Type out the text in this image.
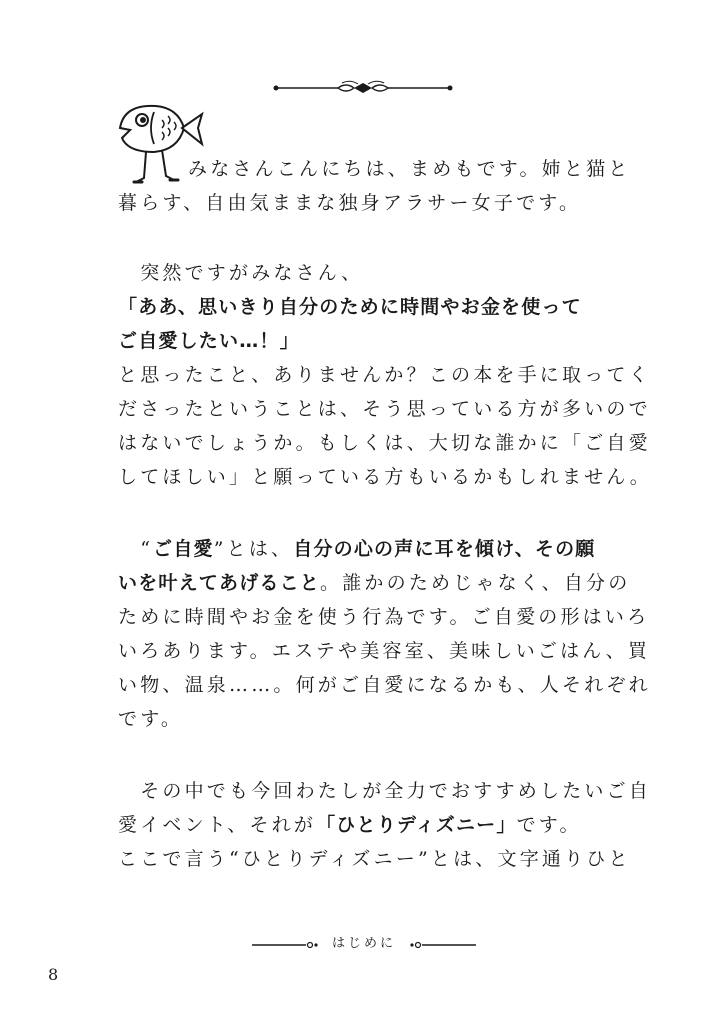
みなさんこんにちは、まめもです。姉と猫と
暮らす、自由気ままな独身アラサー女子です。
　突然ですがみなさん、
「ああ、思いきり自分のために時間やお金を使って
ご自愛したい…！」
と思ったこと、ありませんか？この本を手に取ってく
ださったということは、そう思っている方が多いので
はないでしょうか。もしくは、大切な誰かに「ご自愛
してほしい」と願っている方もいるかもしれません。
　“ご自愛”とは、自分の心の声に耳を傾け、その願
いを叶えてあげること。誰かのためじゃなく、自分の
ために時間やお金を使う行為です。ご自愛の形はいろ
いろあります。エステや美容室、美味しいごはん、買
い物、温泉……。何がご自愛になるかも、人それぞれ
です。
　その中でも今回わたしが全力でおすすめしたいご自
愛イベント、それが「ひとりディズニー」です。
ここで言う“ひとりディズニー”とは、文字通りひと
はじめに
8
